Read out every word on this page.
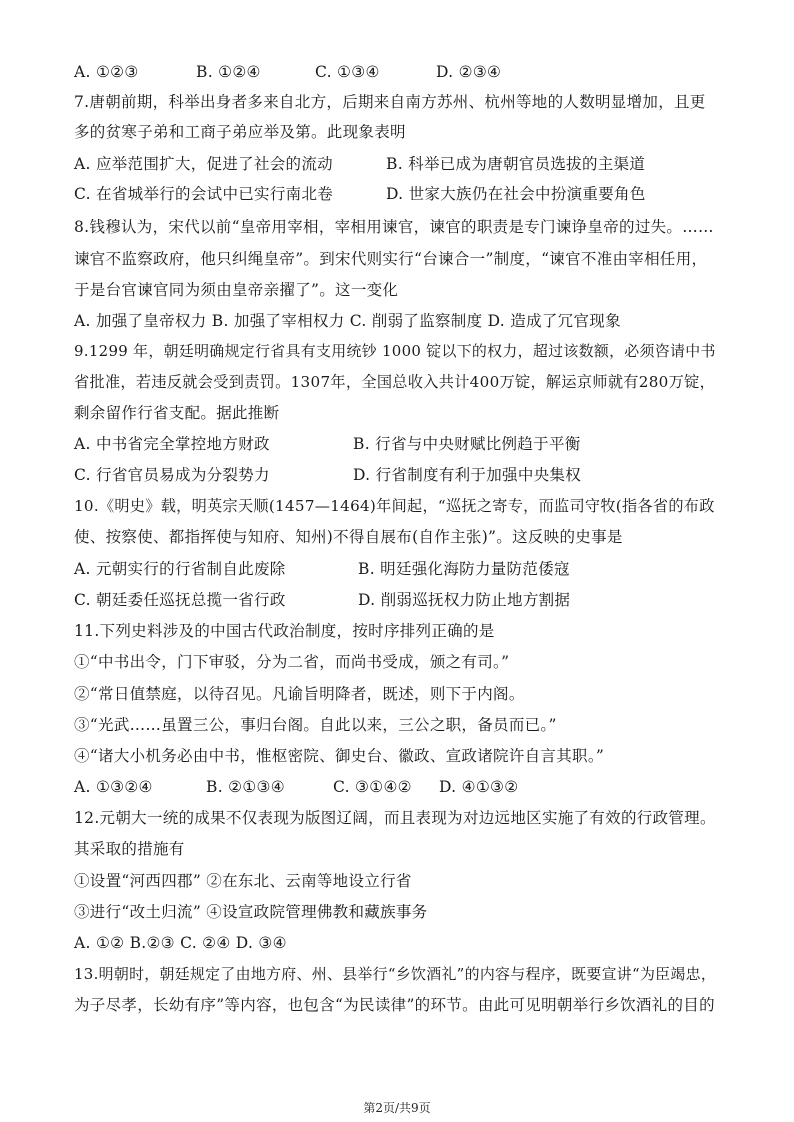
A. ①②③	B. ①②④	C. ①③④	D. ②③④
7.唐朝前期，科举出身者多来自北方，后期来自南方苏州、杭州等地的人数明显增加，且更
多的贫寒子弟和工商子弟应举及第。此现象表明
A. 应举范围扩大，促进了社会的流动	B. 科举已成为唐朝官员选拔的主渠道
C. 在省城举行的会试中已实行南北卷	D. 世家大族仍在社会中扮演重要角色
8.钱穆认为，宋代以前“皇帝用宰相，宰相用谏官，谏官的职责是专门谏诤皇帝的过失。……
谏官不监察政府，他只纠绳皇帝”。到宋代则实行“台谏合一”制度，“谏官不准由宰相任用，
于是台官谏官同为须由皇帝亲擢了”。这一变化
A. 加强了皇帝权力 B. 加强了宰相权力 C. 削弱了监察制度 D. 造成了冗官现象
9.1299 年，朝廷明确规定行省具有支用统钞 1000 锭以下的权力，超过该数额，必须咨请中书
省批准，若违反就会受到责罚。1307年，全国总收入共计400万锭，解运京师就有280万锭，
剩余留作行省支配。据此推断
A. 中书省完全掌控地方财政	B. 行省与中央财赋比例趋于平衡
C. 行省官员易成为分裂势力	D. 行省制度有利于加强中央集权
10.《明史》载，明英宗天顺(1457—1464)年间起，“巡抚之寄专，而监司守牧(指各省的布政
使、按察使、都指挥使与知府、知州)不得自展布(自作主张)”。这反映的史事是
A. 元朝实行的行省制自此废除	B. 明廷强化海防力量防范倭寇
C. 朝廷委任巡抚总揽一省行政	D. 削弱巡抚权力防止地方割据
11.下列史料涉及的中国古代政治制度，按时序排列正确的是
①“中书出令，门下审驳，分为二省，而尚书受成，颁之有司。”
②“常日值禁庭，以待召见。凡谕旨明降者，既述，则下于内阁。
③“光武……虽置三公，事归台阁。自此以来，三公之职，备员而已。”
④“诸大小机务必由中书，惟枢密院、御史台、徽政、宣政诸院许自言其职。”
A. ①③②④	B. ②①③④	C. ③①④② D. ④①③②
12.元朝大一统的成果不仅表现为版图辽阔，而且表现为对边远地区实施了有效的行政管理。
其采取的措施有
①设置“河西四郡” ②在东北、云南等地设立行省
③进行“改土归流” ④设宣政院管理佛教和藏族事务
A. ①② B.②③ C. ②④ D. ③④
13.明朝时，朝廷规定了由地方府、州、县举行“乡饮酒礼”的内容与程序，既要宣讲“为臣竭忠，
为子尽孝，长幼有序”等内容，也包含“为民读律”的环节。由此可见明朝举行乡饮酒礼的目的
第2页/共9页
